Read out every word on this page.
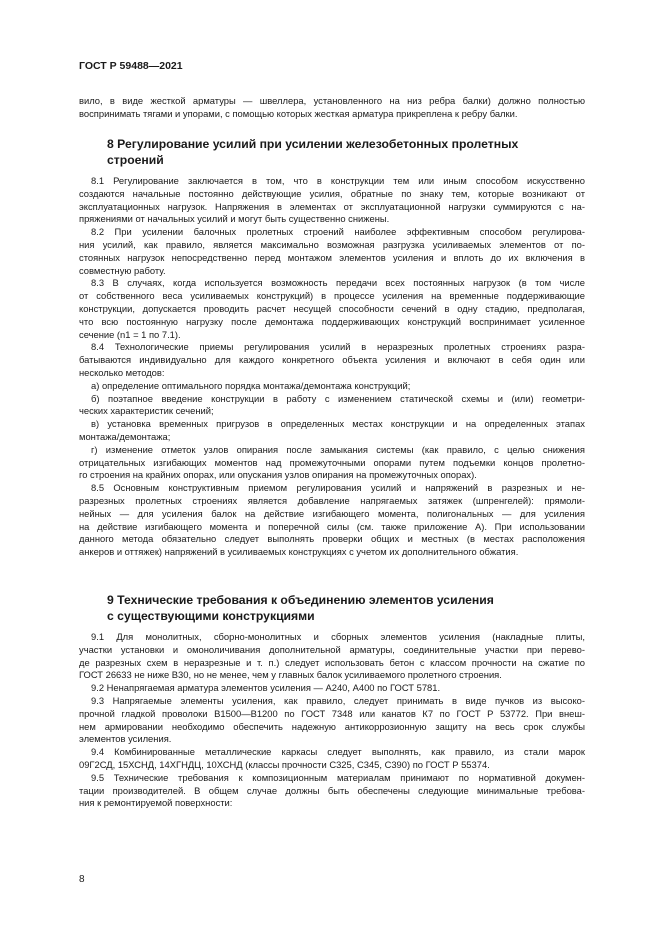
ГОСТ Р 59488—2021
вило, в виде жесткой арматуры — швеллера, установленного на низ ребра балки) должно полностью
воспринимать тягами и упорами, с помощью которых жесткая арматура прикреплена к ребру балки.
8 Регулирование усилий при усилении железобетонных пролетных
строений
8.1 Регулирование заключается в том, что в конструкции тем или иным способом искусственно
создаются начальные постоянно действующие усилия, обратные по знаку тем, которые возникают от
эксплуатационных нагрузок. Напряжения в элементах от эксплуатационной нагрузки суммируются с на-
пряжениями от начальных усилий и могут быть существенно снижены.
8.2 При усилении балочных пролетных строений наиболее эффективным способом регулирова-
ния усилий, как правило, является максимально возможная разгрузка усиливаемых элементов от по-
стоянных нагрузок непосредственно перед монтажом элементов усиления и вплоть до их включения в
совместную работу.
8.3 В случаях, когда используется возможность передачи всех постоянных нагрузок (в том числе
от собственного веса усиливаемых конструкций) в процессе усиления на временные поддерживающие
конструкции, допускается проводить расчет несущей способности сечений в одну стадию, предполагая,
что всю постоянную нагрузку после демонтажа поддерживающих конструкций воспринимает усиленное
сечение (n1 = 1 по 7.1).
8.4 Технологические приемы регулирования усилий в неразрезных пролетных строениях разра-
батываются индивидуально для каждого конкретного объекта усиления и включают в себя один или
несколько методов:
а) определение оптимального порядка монтажа/демонтажа конструкций;
б) поэтапное введение конструкции в работу с изменением статической схемы и (или) геометри-
ческих характеристик сечений;
в) установка временных пригрузов в определенных местах конструкции и на определенных этапах
монтажа/демонтажа;
г) изменение отметок узлов опирания после замыкания системы (как правило, с целью снижения
отрицательных изгибающих моментов над промежуточными опорами путем подъемки концов пролетно-
го строения на крайних опорах, или опускания узлов опирания на промежуточных опорах).
8.5 Основным конструктивным приемом регулирования усилий и напряжений в разрезных и не-
разрезных пролетных строениях является добавление напрягаемых затяжек (шпренгелей): прямоли-
нейных — для усиления балок на действие изгибающего момента, полигональных — для усиления
на действие изгибающего момента и поперечной силы (см. также приложение А). При использовании
данного метода обязательно следует выполнять проверки общих и местных (в местах расположения
анкеров и оттяжек) напряжений в усиливаемых конструкциях с учетом их дополнительного обжатия.
9 Технические требования к объединению элементов усиления
с существующими конструкциями
9.1 Для монолитных, сборно-монолитных и сборных элементов усиления (накладные плиты,
участки установки и омоноличивания дополнительной арматуры, соединительные участки при перево-
де разрезных схем в неразрезные и т. п.) следует использовать бетон с классом прочности на сжатие по
ГОСТ 26633 не ниже B30, но не менее, чем у главных балок усиливаемого пролетного строения.
9.2 Ненапрягаемая арматура элементов усиления — А240, А400 по ГОСТ 5781.
9.3 Напрягаемые элементы усиления, как правило, следует принимать в виде пучков из высоко-
прочной гладкой проволоки В1500—В1200 по ГОСТ 7348 или канатов К7 по ГОСТ Р 53772. При внеш-
нем армировании необходимо обеспечить надежную антикоррозионную защиту на весь срок службы
элементов усиления.
9.4 Комбинированные металлические каркасы следует выполнять, как правило, из стали марок
09Г2СД, 15ХСНД, 14ХГНДЦ, 10ХСНД (классы прочности С325, С345, С390) по ГОСТ Р 55374.
9.5 Технические требования к композиционным материалам принимают по нормативной докумен-
тации производителей. В общем случае должны быть обеспечены следующие минимальные требова-
ния к ремонтируемой поверхности:
8
